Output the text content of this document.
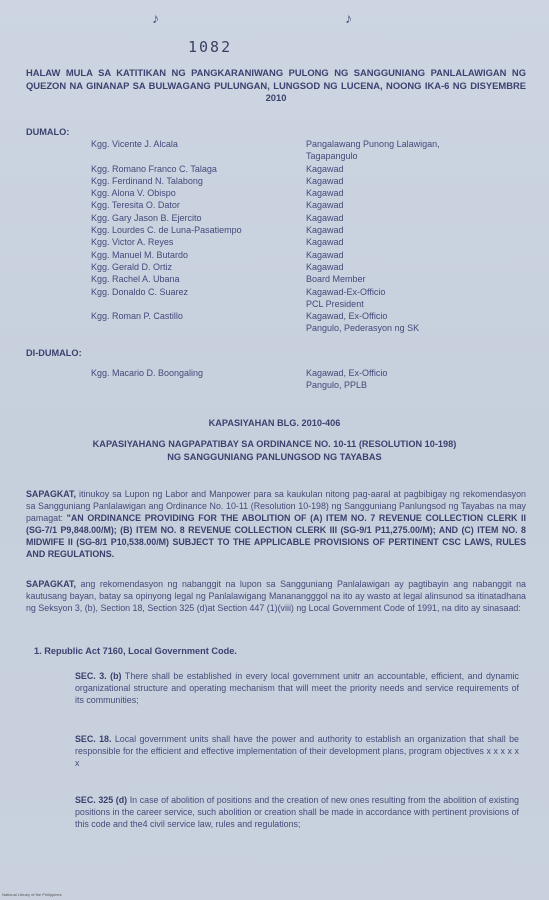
♪	♪
1082
HALAW MULA SA KATITIKAN NG PANGKARANIWANG PULONG NG SANGGUNIANG PANLALAWIGAN NG QUEZON NA GINANAP SA BULWAGANG PULUNGAN, LUNGSOD NG LUCENA, NOONG IKA-6 NG DISYEMBRE 2010
DUMALO:
Kgg. Vicente J. Alcala

Kgg. Romano Franco C. Talaga
Kgg. Ferdinand N. Talabong
Kgg. Alona V. Obispo
Kgg. Teresita O. Dator
Kgg. Gary Jason B. Ejercito
Kgg. Lourdes C. de Luna-Pasatiempo
Kgg. Victor A. Reyes
Kgg. Manuel M. Butardo
Kgg. Gerald D. Ortiz
Kgg. Rachel A. Ubana
Kgg. Donaldo C. Suarez

Kgg. Roman P. Castillo
Pangalawang Punong Lalawigan,
Tagapangulo
Kagawad
Kagawad
Kagawad
Kagawad
Kagawad
Kagawad
Kagawad
Kagawad
Kagawad
Board Member
Kagawad-Ex-Officio
PCL President
Kagawad, Ex-Officio
Pangulo, Pederasyon ng SK
DI-DUMALO:
Kgg. Macario D. Boongaling	Kagawad, Ex-Officio
Pangulo, PPLB
KAPASIYAHAN BLG. 2010-406
KAPASIYAHANG NAGPAPATIBAY SA ORDINANCE NO. 10-11 (RESOLUTION 10-198)
NG SANGGUNIANG PANLUNGSOD NG TAYABAS
SAPAGKAT, itinukoy sa Lupon ng Labor and Manpower para sa kaukulan nitong pag-aaral at pagbibigay ng rekomendasyon sa Sangguniang Panlalawigan ang Ordinance No. 10-11 (Resolution 10-198) ng Sangguniang Panlungsod ng Tayabas na may pamagat: "AN ORDINANCE PROVIDING FOR THE ABOLITION OF (A) ITEM NO. 7 REVENUE COLLECTION CLERK II (SG-7/1 P9,848.00/M); (B) ITEM NO. 8 REVENUE COLLECTION CLERK III (SG-9/1 P11,275.00/M); AND (C) ITEM NO. 8 MIDWIFE II (SG-8/1 P10,538.00/M) SUBJECT TO THE APPLICABLE PROVISIONS OF PERTINENT CSC LAWS, RULES AND REGULATIONS.
SAPAGKAT, ang rekomendasyon ng nabanggit na lupon sa Sangguniang Panlalawigan ay pagtibayin ang nabanggit na kautusang bayan, batay sa opinyong legal ng Panlalawigang Mananangggol na ito ay wasto at legal alinsunod sa itinatadhana ng Seksyon 3, (b), Section 18, Section 325 (d)at Section 447 (1)(viii) ng Local Government Code of 1991, na dito ay sinasaad:
1. Republic Act 7160, Local Government Code.
SEC. 3. (b) There shall be established in every local government unitr an accountable, efficient, and dynamic organizational structure and operating mechanism that will meet the priority needs and service requirements of its communities;
SEC. 18. Local government units shall have the power and authority to establish an organization that shall be responsible for the efficient and effective implementation of their development plans, program objectives x x x x x x
SEC. 325 (d) In case of abolition of positions and the creation of new ones resulting from the abolition of existing positions in the career service, such abolition or creation shall be made in accordance with pertinent provisions of this code and the4 civil service law, rules and regulations;
National Library of the Philippines
